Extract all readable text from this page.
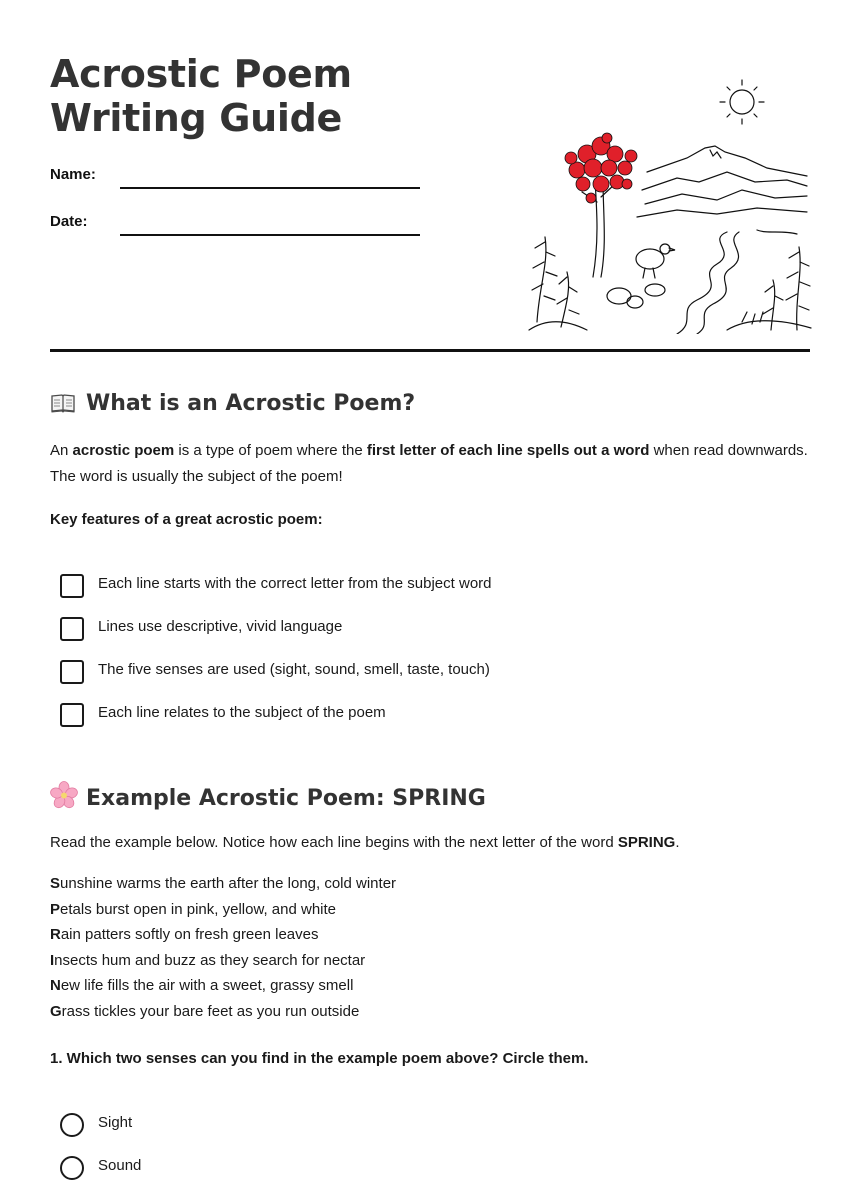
Acrostic Poem Writing Guide
Name:
Date:
What is an Acrostic Poem?

An acrostic poem is a type of poem where the first letter of each line spells out a word when read downwards. The word is usually the subject of the poem!

Key features of a great acrostic poem:

Each line starts with the correct letter from the subject word
Lines use descriptive, vivid language
The five senses are used (sight, sound, smell, taste, touch)
Each line relates to the subject of the poem
Example Acrostic Poem: SPRING

Read the example below. Notice how each line begins with the next letter of the word SPRING.

Sunshine warms the earth after the long, cold winter
Petals burst open in pink, yellow, and white
Rain patters softly on fresh green leaves
Insects hum and buzz as they search for nectar
New life fills the air with a sweet, grassy smell
Grass tickles your bare feet as you run outside

1. Which two senses can you find in the example poem above? Circle them.

Sight
Sound
